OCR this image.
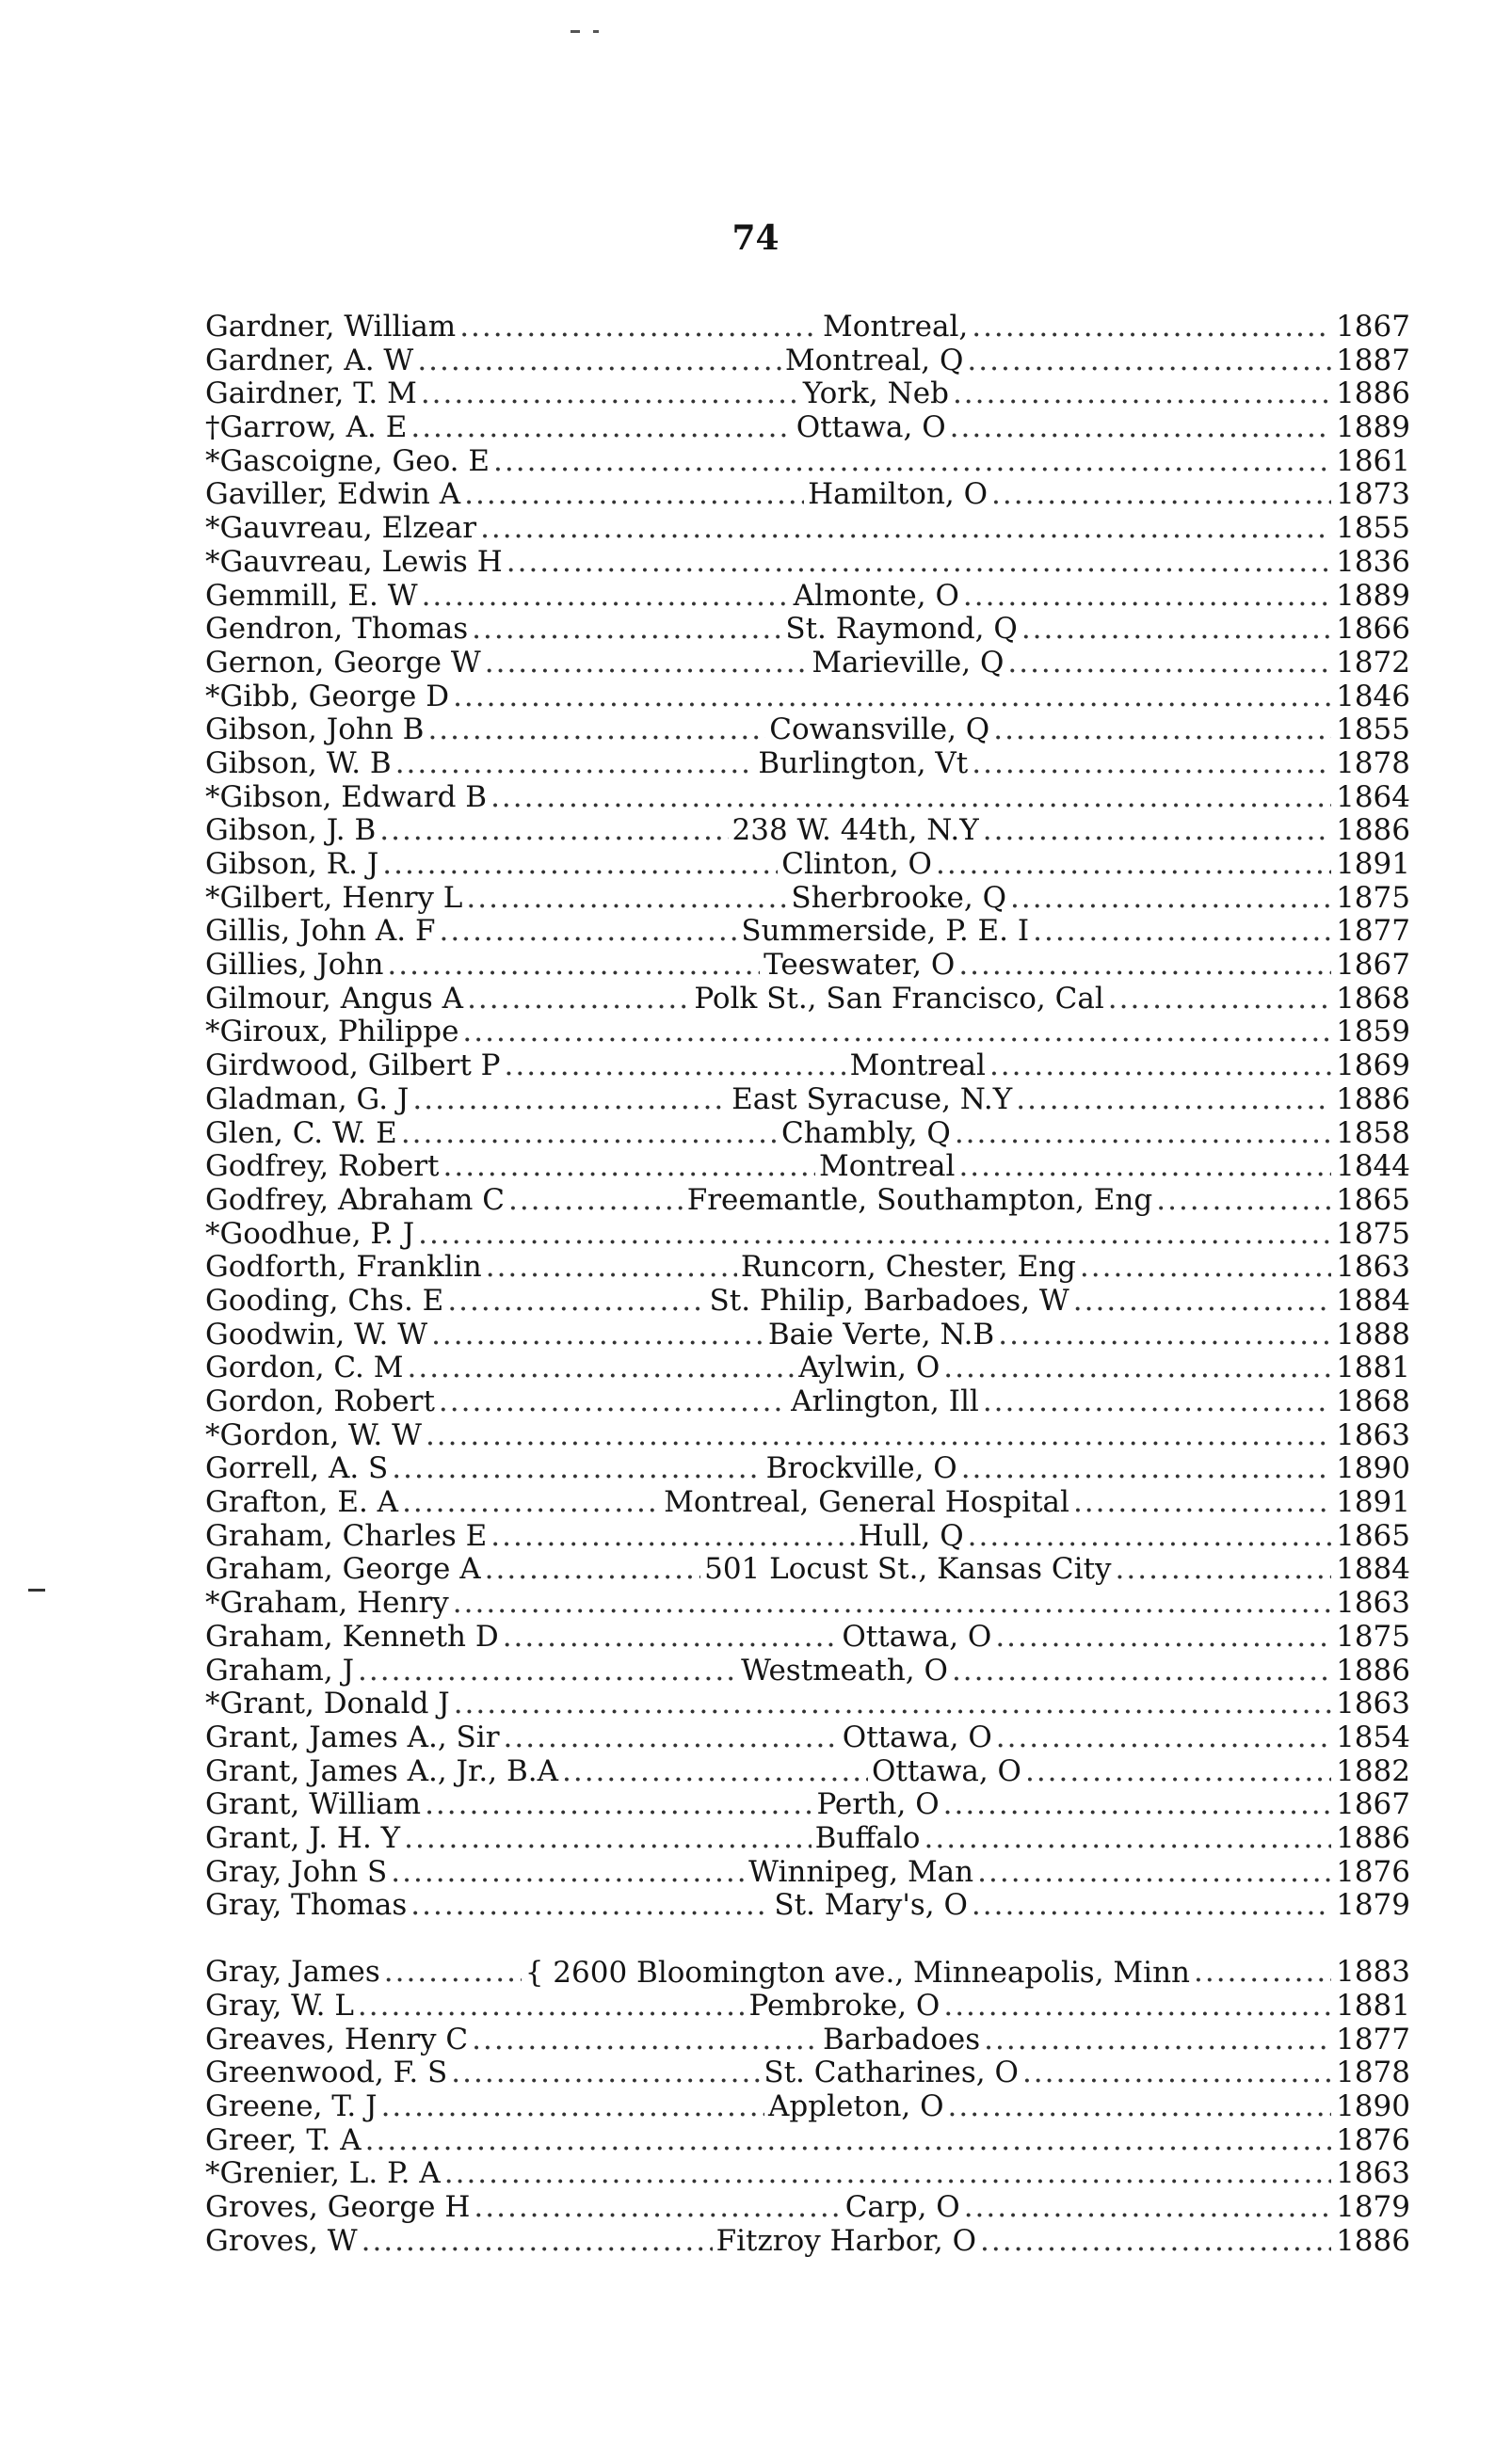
74
Gardner, William .....	Montreal, .....	1867
Gardner, A. W .....	Montreal, Q .....	1887
Gairdner, T. M .....	York, Neb .....	1886
†Garrow, A. E .....	Ottawa, O .....	1889
*Gascoigne, Geo. E .....	1861
Gaviller, Edwin A .....	Hamilton, O .....	1873
*Gauvreau, Elzear .....	1855
*Gauvreau, Lewis H .....	1836
Gemmill, E. W .....	Almonte, O .....	1889
Gendron, Thomas .....	St. Raymond, Q .....	1866
Gernon, George W .....	Marieville, Q .....	1872
*Gibb, George D .....	1846
Gibson, John B .....	Cowansville, Q .....	1855
Gibson, W. B .....	Burlington, Vt .....	1878
*Gibson, Edward B .....	1864
Gibson, J. B .....	238 W. 44th, N.Y .....	1886
Gibson, R. J .....	Clinton, O .....	1891
*Gilbert, Henry L .....	Sherbrooke, Q .....	1875
Gillis, John A. F .....	Summerside, P. E. I .....	1877
Gillies, John .....	Teeswater, O .....	1867
Gilmour, Angus A .....	Polk St., San Francisco, Cal .....	1868
*Giroux, Philippe .....	1859
Girdwood, Gilbert P .....	Montreal .....	1869
Gladman, G. J .....	East Syracuse, N.Y .....	1886
Glen, C. W. E .....	Chambly, Q .....	1858
Godfrey, Robert .....	Montreal .....	1844
Godfrey, Abraham C .....	Freemantle, Southampton, Eng .....	1865
*Goodhue, P. J .....	1875
Godforth, Franklin .....	Runcorn, Chester, Eng .....	1863
Gooding, Chs. E .....	St. Philip, Barbadoes, W .....	1884
Goodwin, W. W .....	Baie Verte, N.B .....	1888
Gordon, C. M .....	Aylwin, O .....	1881
Gordon, Robert .....	Arlington, Ill .....	1868
*Gordon, W. W .....	1863
Gorrell, A. S .....	Brockville, O .....	1890
Grafton, E. A .....	Montreal, General Hospital .....	1891
Graham, Charles E .....	Hull, Q .....	1865
Graham, George A .....	501 Locust St., Kansas City .....	1884
*Graham, Henry .....	1863
Graham, Kenneth D .....	Ottawa, O .....	1875
Graham, J .....	Westmeath, O .....	1886
*Grant, Donald J .....	1863
Grant, James A., Sir .....	Ottawa, O .....	1854
Grant, James A., Jr., B.A .....	Ottawa, O .....	1882
Grant, William .....	Perth, O .....	1867
Grant, J. H. Y .....	Buffalo .....	1886
Gray, John S .....	Winnipeg, Man .....	1876
Gray, Thomas .....	St. Mary's, O .....	1879
Gray, James .....	{ 2600 Bloomington ave., Minneapolis, Minn .....	1883
Gray, W. L .....	Pembroke, O .....	1881
Greaves, Henry C .....	Barbadoes .....	1877
Greenwood, F. S .....	St. Catharines, O .....	1878
Greene, T. J .....	Appleton, O .....	1890
Greer, T. A .....	1876
*Grenier, L. P. A .....	1863
Groves, George H .....	Carp, O .....	1879
Groves, W .....	Fitzroy Harbor, O .....	1886
